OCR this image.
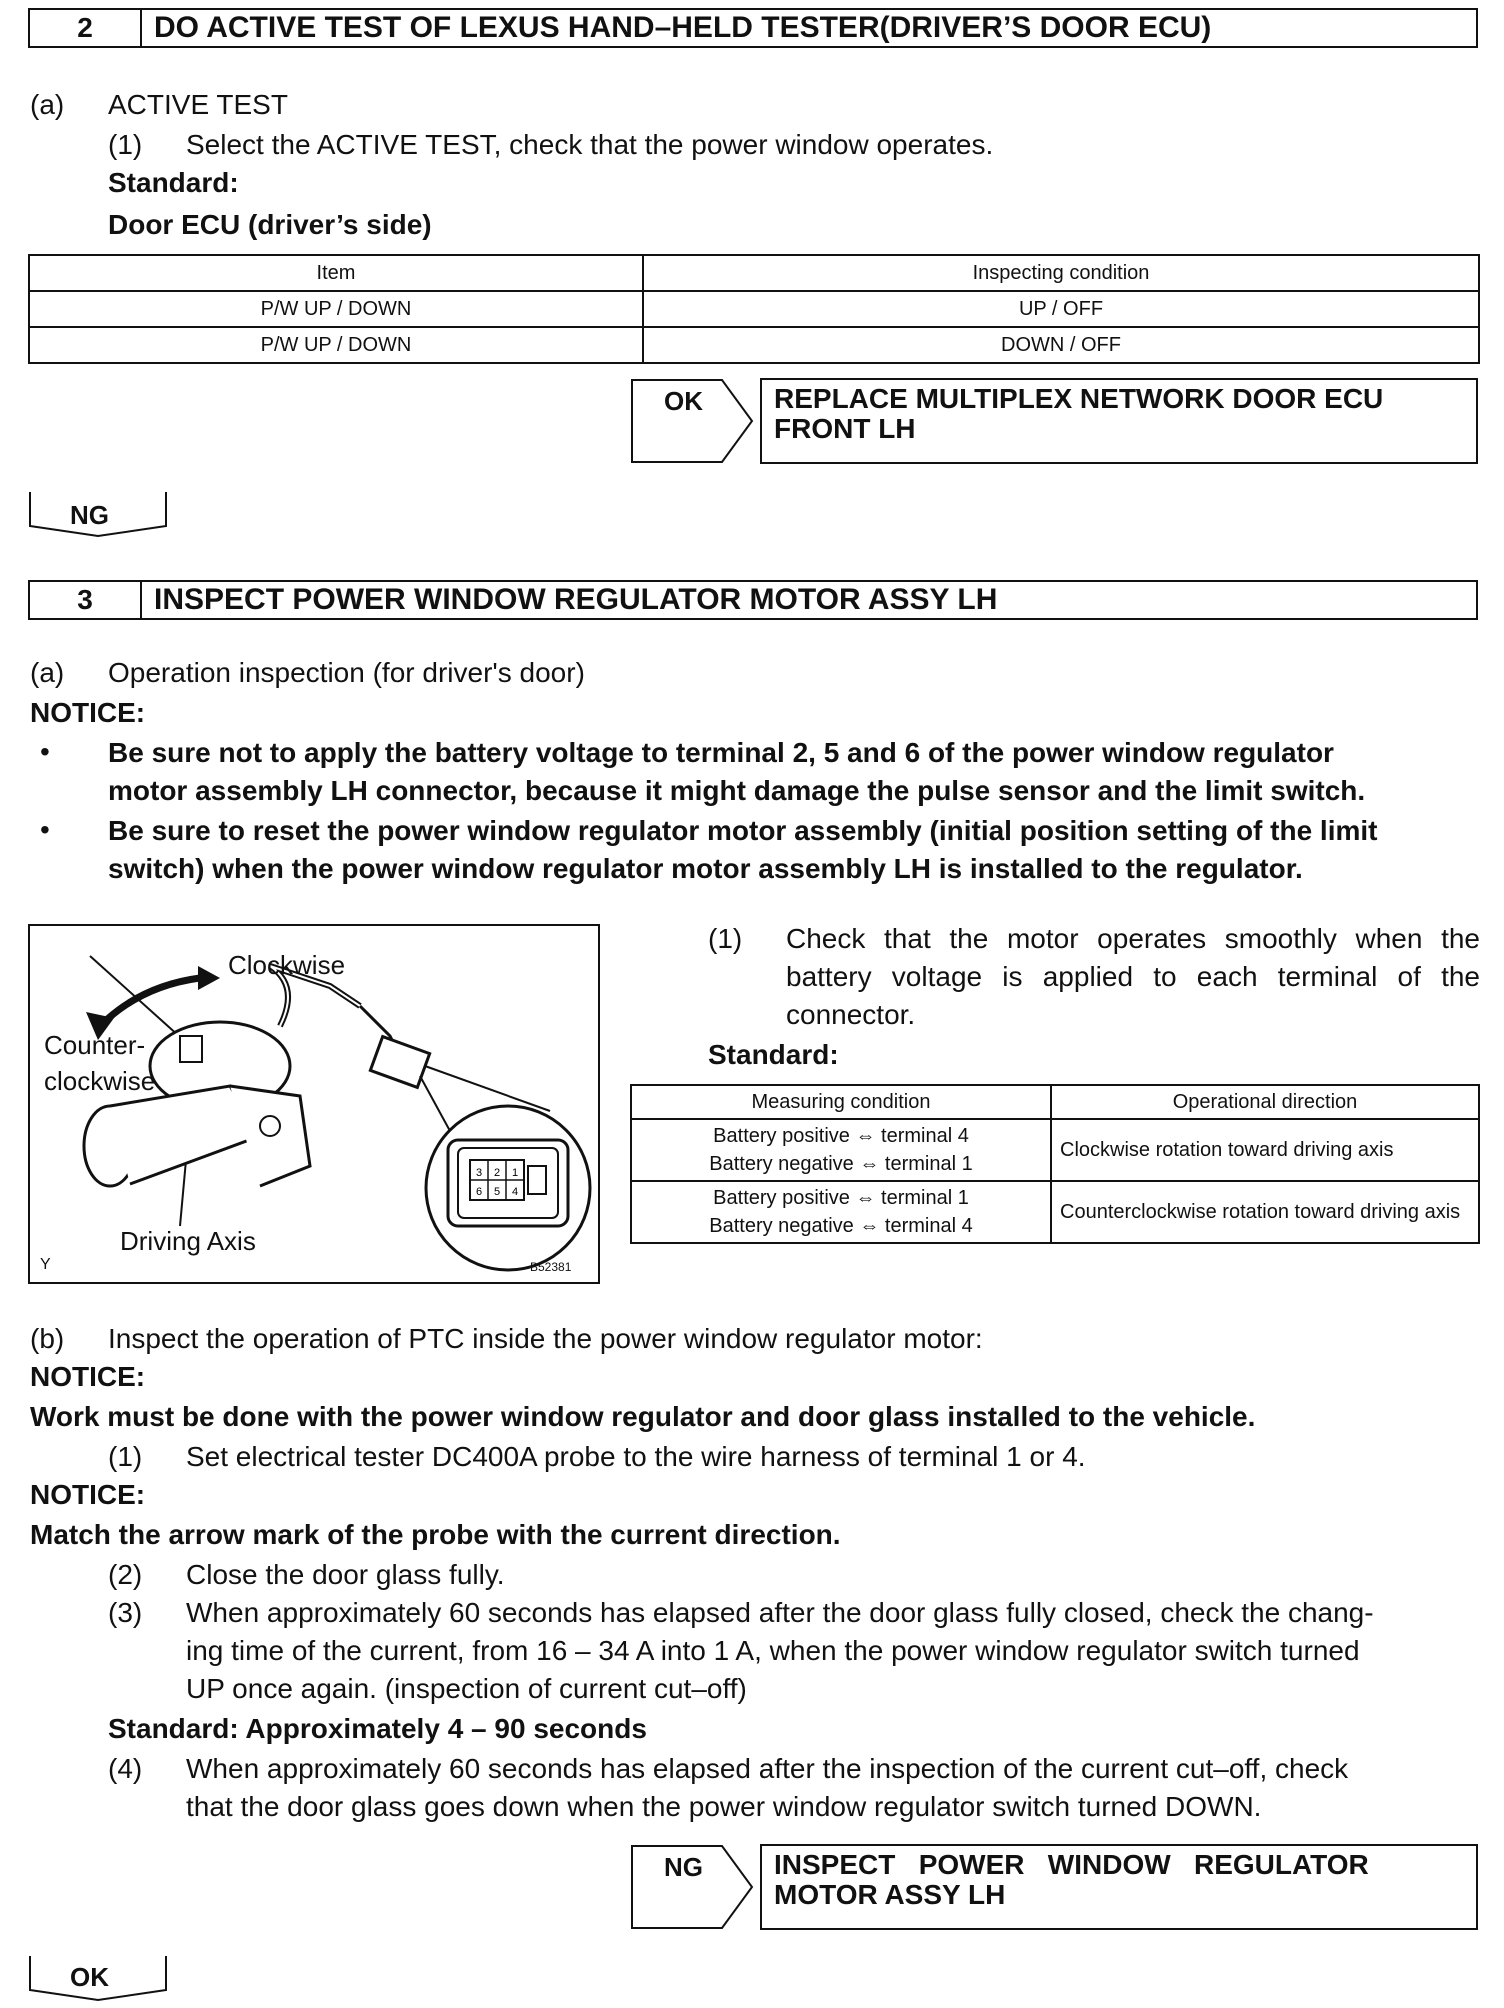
2	DO ACTIVE TEST OF LEXUS HAND–HELD TESTER(DRIVER’S DOOR ECU)
(a) ACTIVE TEST
(1) Select the ACTIVE TEST, check that the power window operates.
Standard:
Door ECU (driver’s side)
Item	Inspecting condition
P/W UP / DOWN	UP / OFF
P/W UP / DOWN	DOWN / OFF
OK	REPLACE MULTIPLEX NETWORK DOOR ECU
FRONT LH
NG
3	INSPECT POWER WINDOW REGULATOR MOTOR ASSY LH
(a) Operation inspection (for driver's door)
NOTICE:
• Be sure not to apply the battery voltage to terminal 2, 5 and 6 of the power window regulator
motor assembly LH connector, because it might damage the pulse sensor and the limit switch.
• Be sure to reset the power window regulator motor assembly (initial position setting of the limit
switch) when the power window regulator motor assembly LH is installed to the regulator.
3 2 1
6 5 4
Clockwise
Counter-
clockwise
Driving Axis
Y	B52381
(1) Check that the motor operates smoothly when the
battery voltage is applied to each terminal of the
connector.
Standard:
Measuring condition	Operational direction

Battery positive ⇔ terminal 4
Battery negative ⇔ terminal 1	Clockwise rotation toward driving axis

Battery positive ⇔ terminal 1
Battery negative ⇔ terminal 4	Counterclockwise rotation toward driving axis
(b) Inspect the operation of PTC inside the power window regulator motor:
NOTICE:
Work must be done with the power window regulator and door glass installed to the vehicle.
(1) Set electrical tester DC400A probe to the wire harness of terminal 1 or 4.
NOTICE:
Match the arrow mark of the probe with the current direction.
(2) Close the door glass fully.
(3) When approximately 60 seconds has elapsed after the door glass fully closed, check the chang-
ing time of the current, from 16 – 34 A into 1 A, when the power window regulator switch turned
UP once again. (inspection of current cut–off)
Standard: Approximately 4 – 90 seconds
(4) When approximately 60 seconds has elapsed after the inspection of the current cut–off, check
that the door glass goes down when the power window regulator switch turned DOWN.
NG	INSPECT   POWER   WINDOW   REGULATOR
MOTOR ASSY LH
OK
